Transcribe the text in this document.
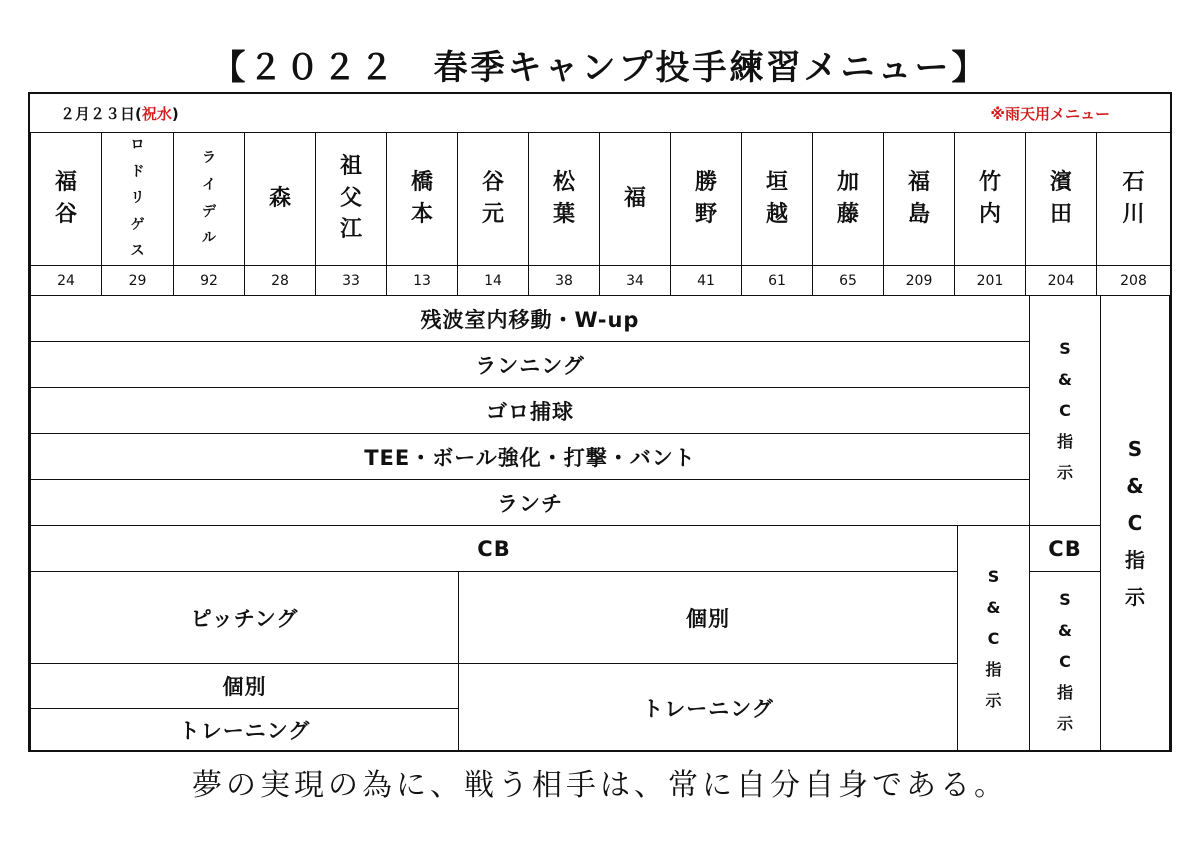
【２０２２　春季キャンプ投手練習メニュー】
２月２３日(祝水)	※雨天用メニュー
福
谷
24
ロ
ド
リ
ゲ
ス
29
ラ
イ
デ
ル
92
森
28
祖
父
江
33
橋
本
13
谷
元
14
松
葉
38
福
34
勝
野
41
垣
越
61
加
藤
65
福
島
209
竹
内
201
濱
田
204
石
川
208
残波室内移動・W-up
ランニング
ゴロ捕球
TEE・ボール強化・打撃・バント
ランチ
S
&
C
指
示
S
&
C
指
示
CB
S
&
C
指
示
CB
S
&
C
指
示
ピッチング	個別
個別
トレーニング
トレーニング
夢の実現の為に、戦う相手は、常に自分自身である。
